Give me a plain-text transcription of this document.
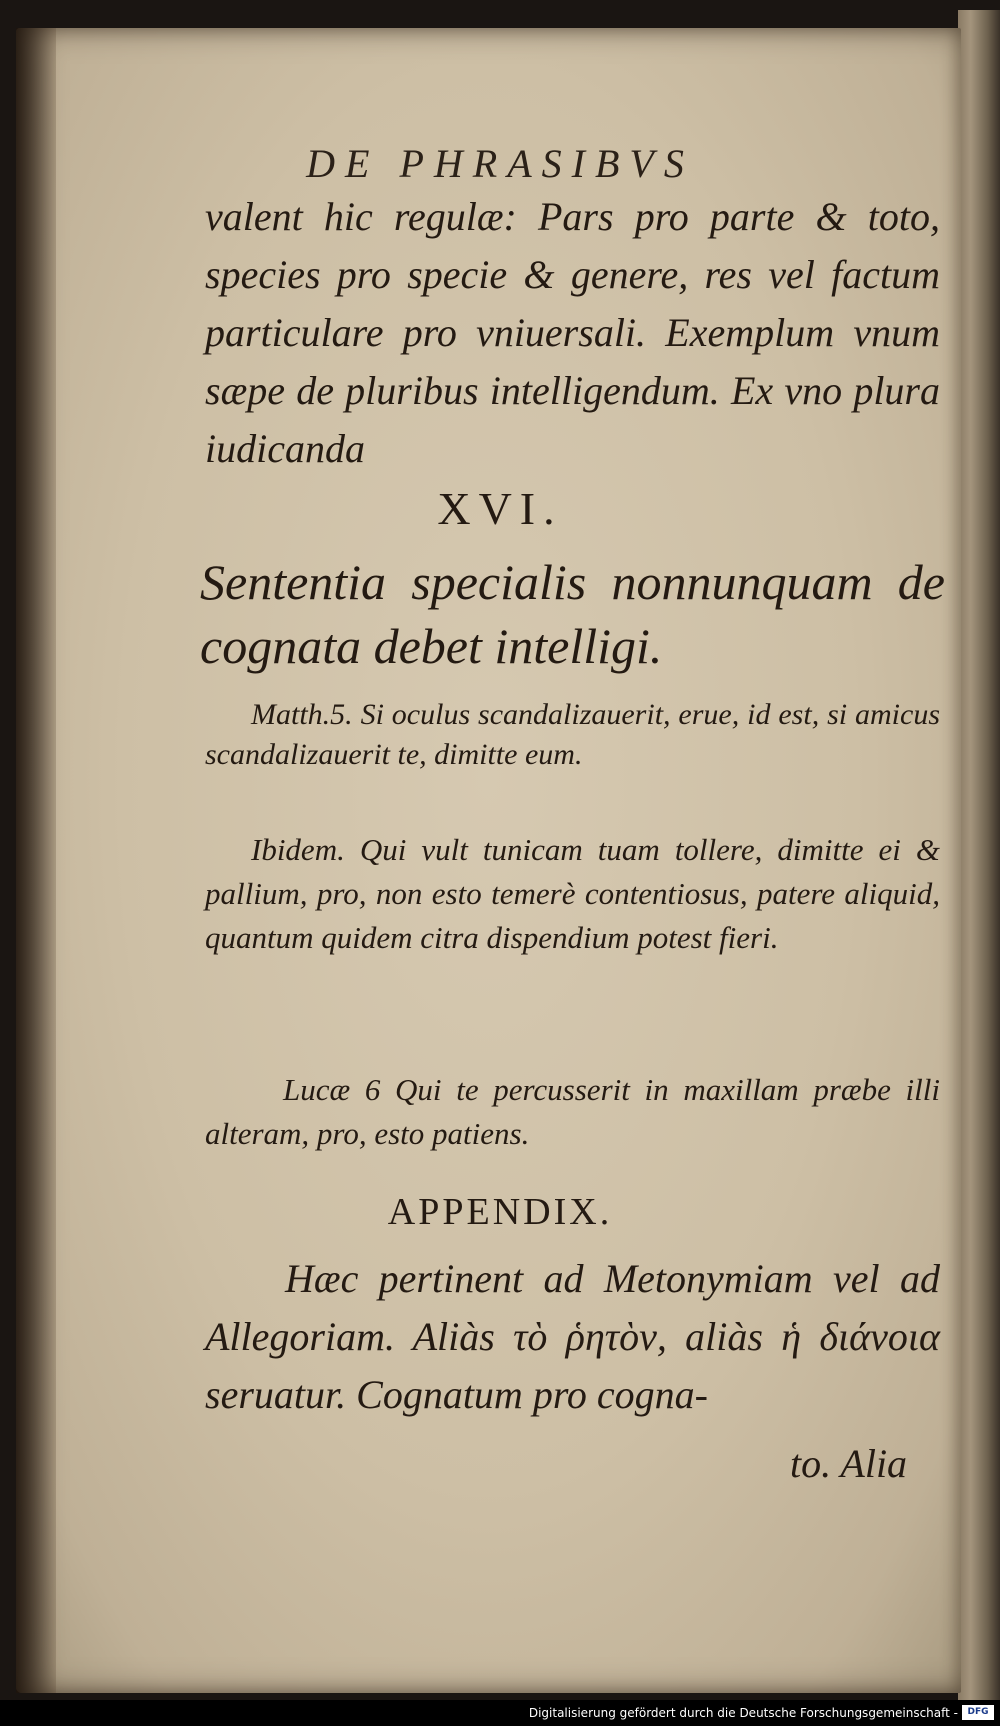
DE PHRASIBVS
valent hic regulæ: Pars pro parte & toto, species pro specie & genere, res vel factum particulare pro vniuersali. Exemplum vnum sæpe de pluribus intelligendum. Ex vno plura iudicanda
XVI.
Sententia specialis nonnunquam de cognata debet intelligi.
Matth.5. Si oculus scandalizauerit, erue, id est, si amicus scandalizauerit te, dimitte eum.
Ibidem. Qui vult tunicam tuam tollere, dimitte ei & pallium, pro, non esto temerè contentiosus, patere aliquid, quantum quidem citra dispendium potest fieri.
Lucæ 6 Qui te percusserit in maxillam præbe illi alteram, pro, esto patiens.
APPENDIX.
Hæc pertinent ad Metonymiam vel ad Allegoriam. Aliàs τὸ ῥητὸν, aliàs ἡ διάνοια seruatur. Cognatum pro cogna-
to. Alia
Digitalisierung gefördert durch die Deutsche Forschungsgemeinschaft -	DFG
